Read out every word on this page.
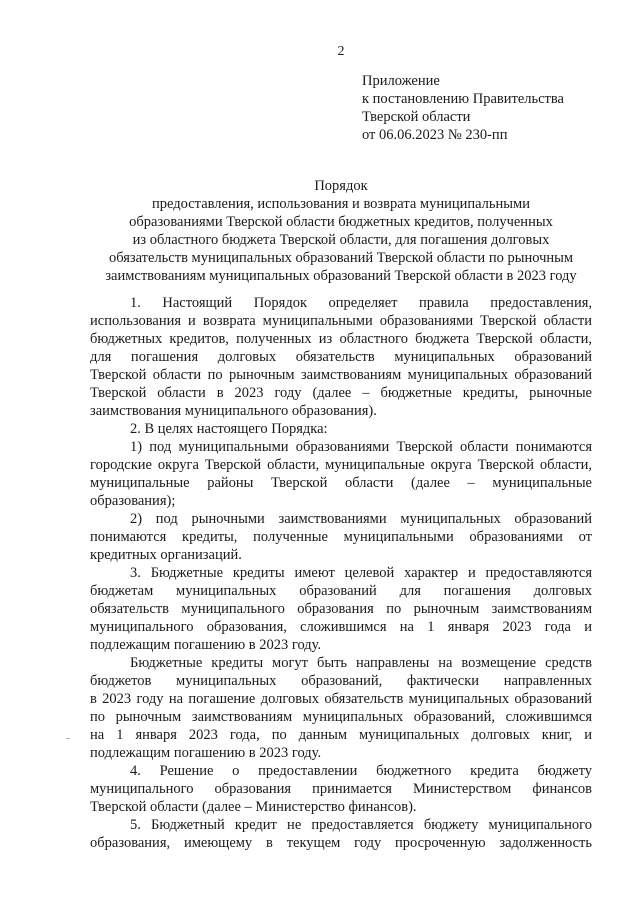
2
Приложение
к постановлению Правительства
Тверской области
от 06.06.2023 № 230-пп
Порядок
предоставления, использования и возврата муниципальными
образованиями Тверской области бюджетных кредитов, полученных
из областного бюджета Тверской области, для погашения долговых
обязательств муниципальных образований Тверской области по рыночным
заимствованиям муниципальных образований Тверской области в 2023 году
1. Настоящий Порядок определяет правила предоставления,
использования и возврата муниципальными образованиями Тверской области
бюджетных кредитов, полученных из областного бюджета Тверской области,
для погашения долговых обязательств муниципальных образований
Тверской области по рыночным заимствованиям муниципальных образований
Тверской области в 2023 году (далее – бюджетные кредиты, рыночные
заимствования муниципального образования).
2. В целях настоящего Порядка:
1) под муниципальными образованиями Тверской области понимаются
городские округа Тверской области, муниципальные округа Тверской области,
муниципальные районы Тверской области (далее – муниципальные
образования);
2) под рыночными заимствованиями муниципальных образований
понимаются кредиты, полученные муниципальными образованиями от
кредитных организаций.
3. Бюджетные кредиты имеют целевой характер и предоставляются
бюджетам муниципальных образований для погашения долговых
обязательств муниципального образования по рыночным заимствованиям
муниципального образования, сложившимся на 1 января 2023 года и
подлежащим погашению в 2023 году.
Бюджетные кредиты могут быть направлены на возмещение средств
бюджетов муниципальных образований, фактически направленных
в 2023 году на погашение долговых обязательств муниципальных образований
по рыночным заимствованиям муниципальных образований, сложившимся
на 1 января 2023 года, по данным муниципальных долговых книг, и
подлежащим погашению в 2023 году.
4. Решение о предоставлении бюджетного кредита бюджету
муниципального образования принимается Министерством финансов
Тверской области (далее – Министерство финансов).
5. Бюджетный кредит не предоставляется бюджету муниципального
образования, имеющему в текущем году просроченную задолженность
